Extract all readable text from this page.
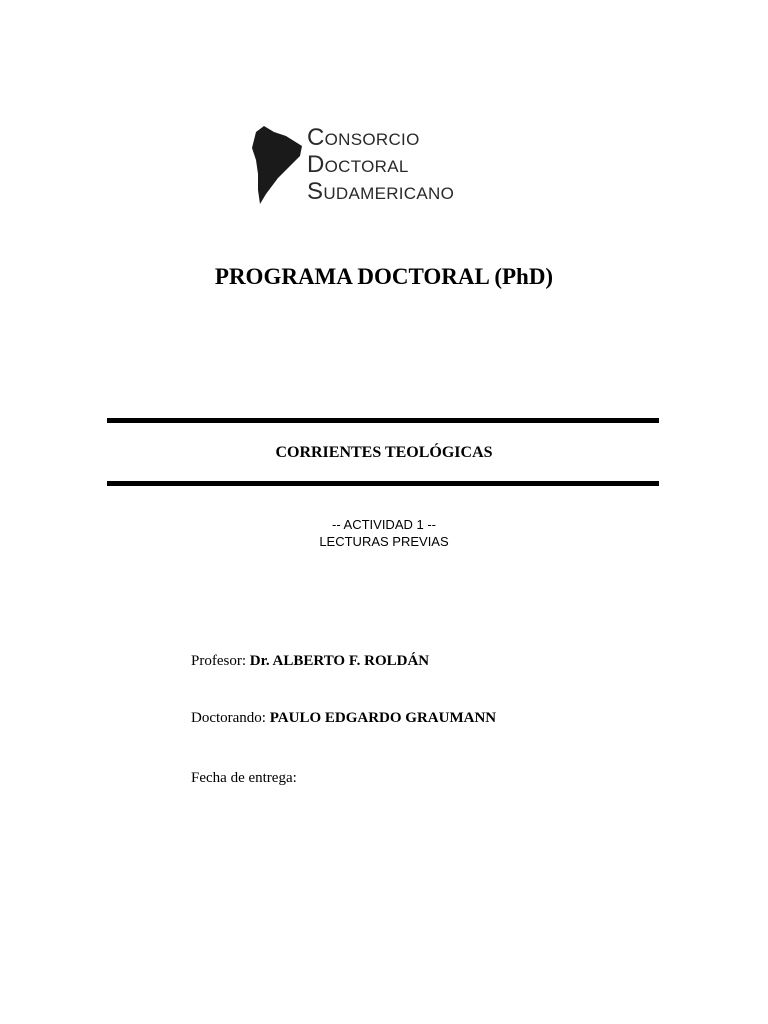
Consorcio
Doctoral
Sudamericano
PROGRAMA DOCTORAL (PhD)
CORRIENTES TEOLÓGICAS
-- ACTIVIDAD 1 --
LECTURAS PREVIAS
Profesor: Dr. ALBERTO F. ROLDÁN
Doctorando: PAULO EDGARDO GRAUMANN
Fecha de entrega:
